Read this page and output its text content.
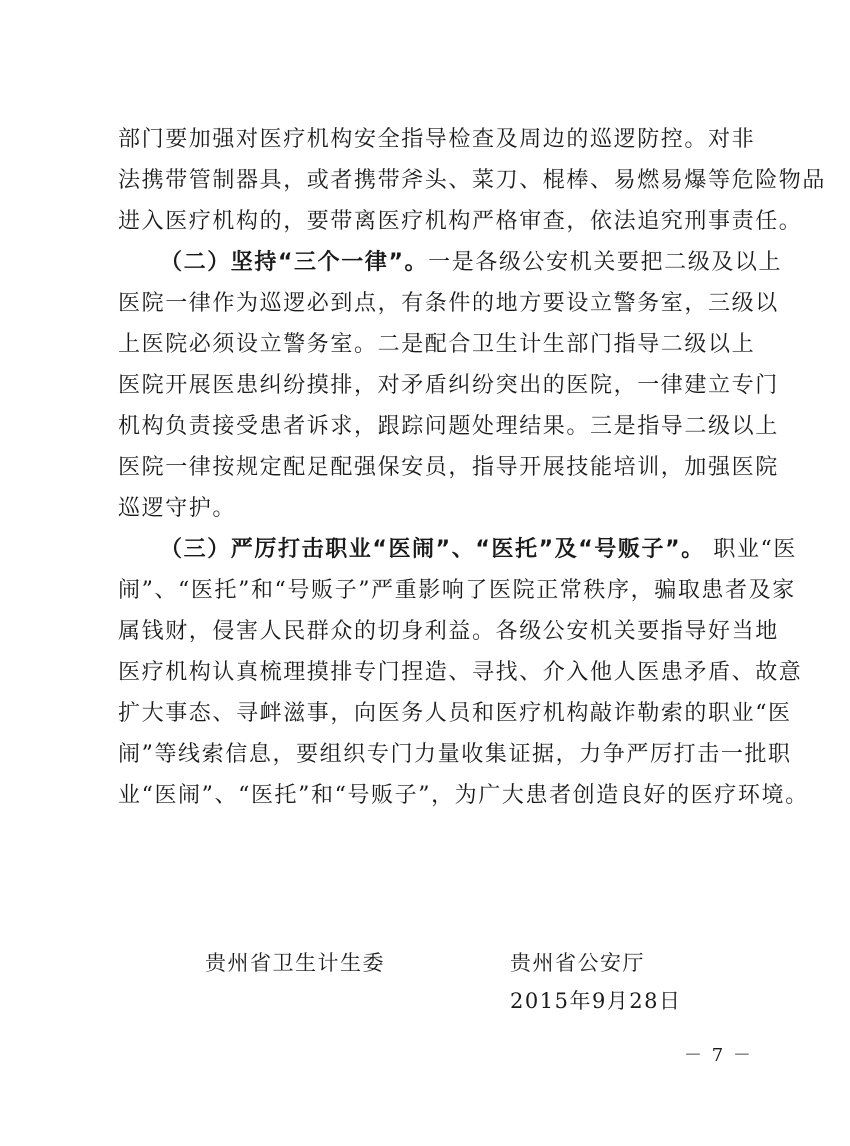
部门要加强对医疗机构安全指导检查及周边的巡逻防控。对非
法携带管制器具，或者携带斧头、菜刀、棍棒、易燃易爆等危险物品
进入医疗机构的，要带离医疗机构严格审查，依法追究刑事责任。
（二）坚持“三个一律”。一是各级公安机关要把二级及以上
医院一律作为巡逻必到点，有条件的地方要设立警务室，三级以
上医院必须设立警务室。二是配合卫生计生部门指导二级以上
医院开展医患纠纷摸排，对矛盾纠纷突出的医院，一律建立专门
机构负责接受患者诉求，跟踪问题处理结果。三是指导二级以上
医院一律按规定配足配强保安员，指导开展技能培训，加强医院
巡逻守护。
（三）严厉打击职业“医闹”、“医托”及“号贩子”。 职业“医
闹”、“医托”和“号贩子”严重影响了医院正常秩序，骗取患者及家
属钱财，侵害人民群众的切身利益。各级公安机关要指导好当地
医疗机构认真梳理摸排专门捏造、寻找、介入他人医患矛盾、故意
扩大事态、寻衅滋事，向医务人员和医疗机构敲诈勒索的职业“医
闹”等线索信息，要组织专门力量收集证据，力争严厉打击一批职
业“医闹”、“医托”和“号贩子”，为广大患者创造良好的医疗环境。
贵州省卫生计生委	贵州省公安厅
2015年9月28日
－ 7 －
